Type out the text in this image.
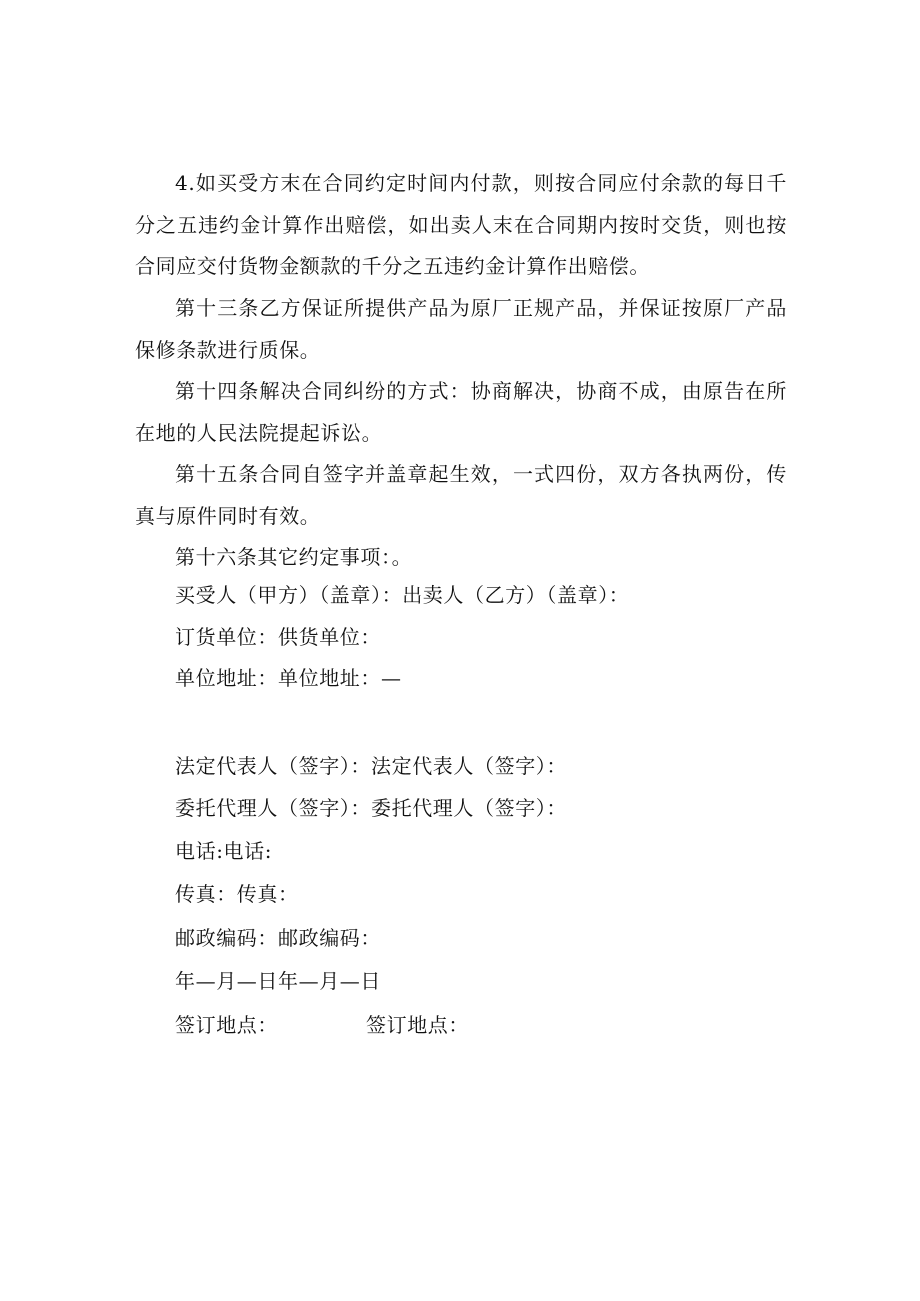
4.如买受方末在合同约定时间内付款，则按合同应付余款的每日千分之五违约金计算作出赔偿，如出卖人末在合同期内按时交货，则也按合同应交付货物金额款的千分之五违约金计算作出赔偿。

第十三条乙方保证所提供产品为原厂正规产品，并保证按原厂产品保修条款进行质保。

第十四条解决合同纠纷的方式：协商解决，协商不成，由原告在所在地的人民法院提起诉讼。

第十五条合同自签字并盖章起生效，一式四份，双方各执两份，传真与原件同时有效。

第十六条其它约定事项：。

买受人（甲方）（盖章）：出卖人（乙方）（盖章）：

订货单位：供货单位：

单位地址：单位地址：—

法定代表人（签字）：法定代表人（签字）：

委托代理人（签字）：委托代理人（签字）：

电话:电话:

传真：传真：

邮政编码：邮政编码：

年—月—日年—月—日

签订地点：	签订地点：
